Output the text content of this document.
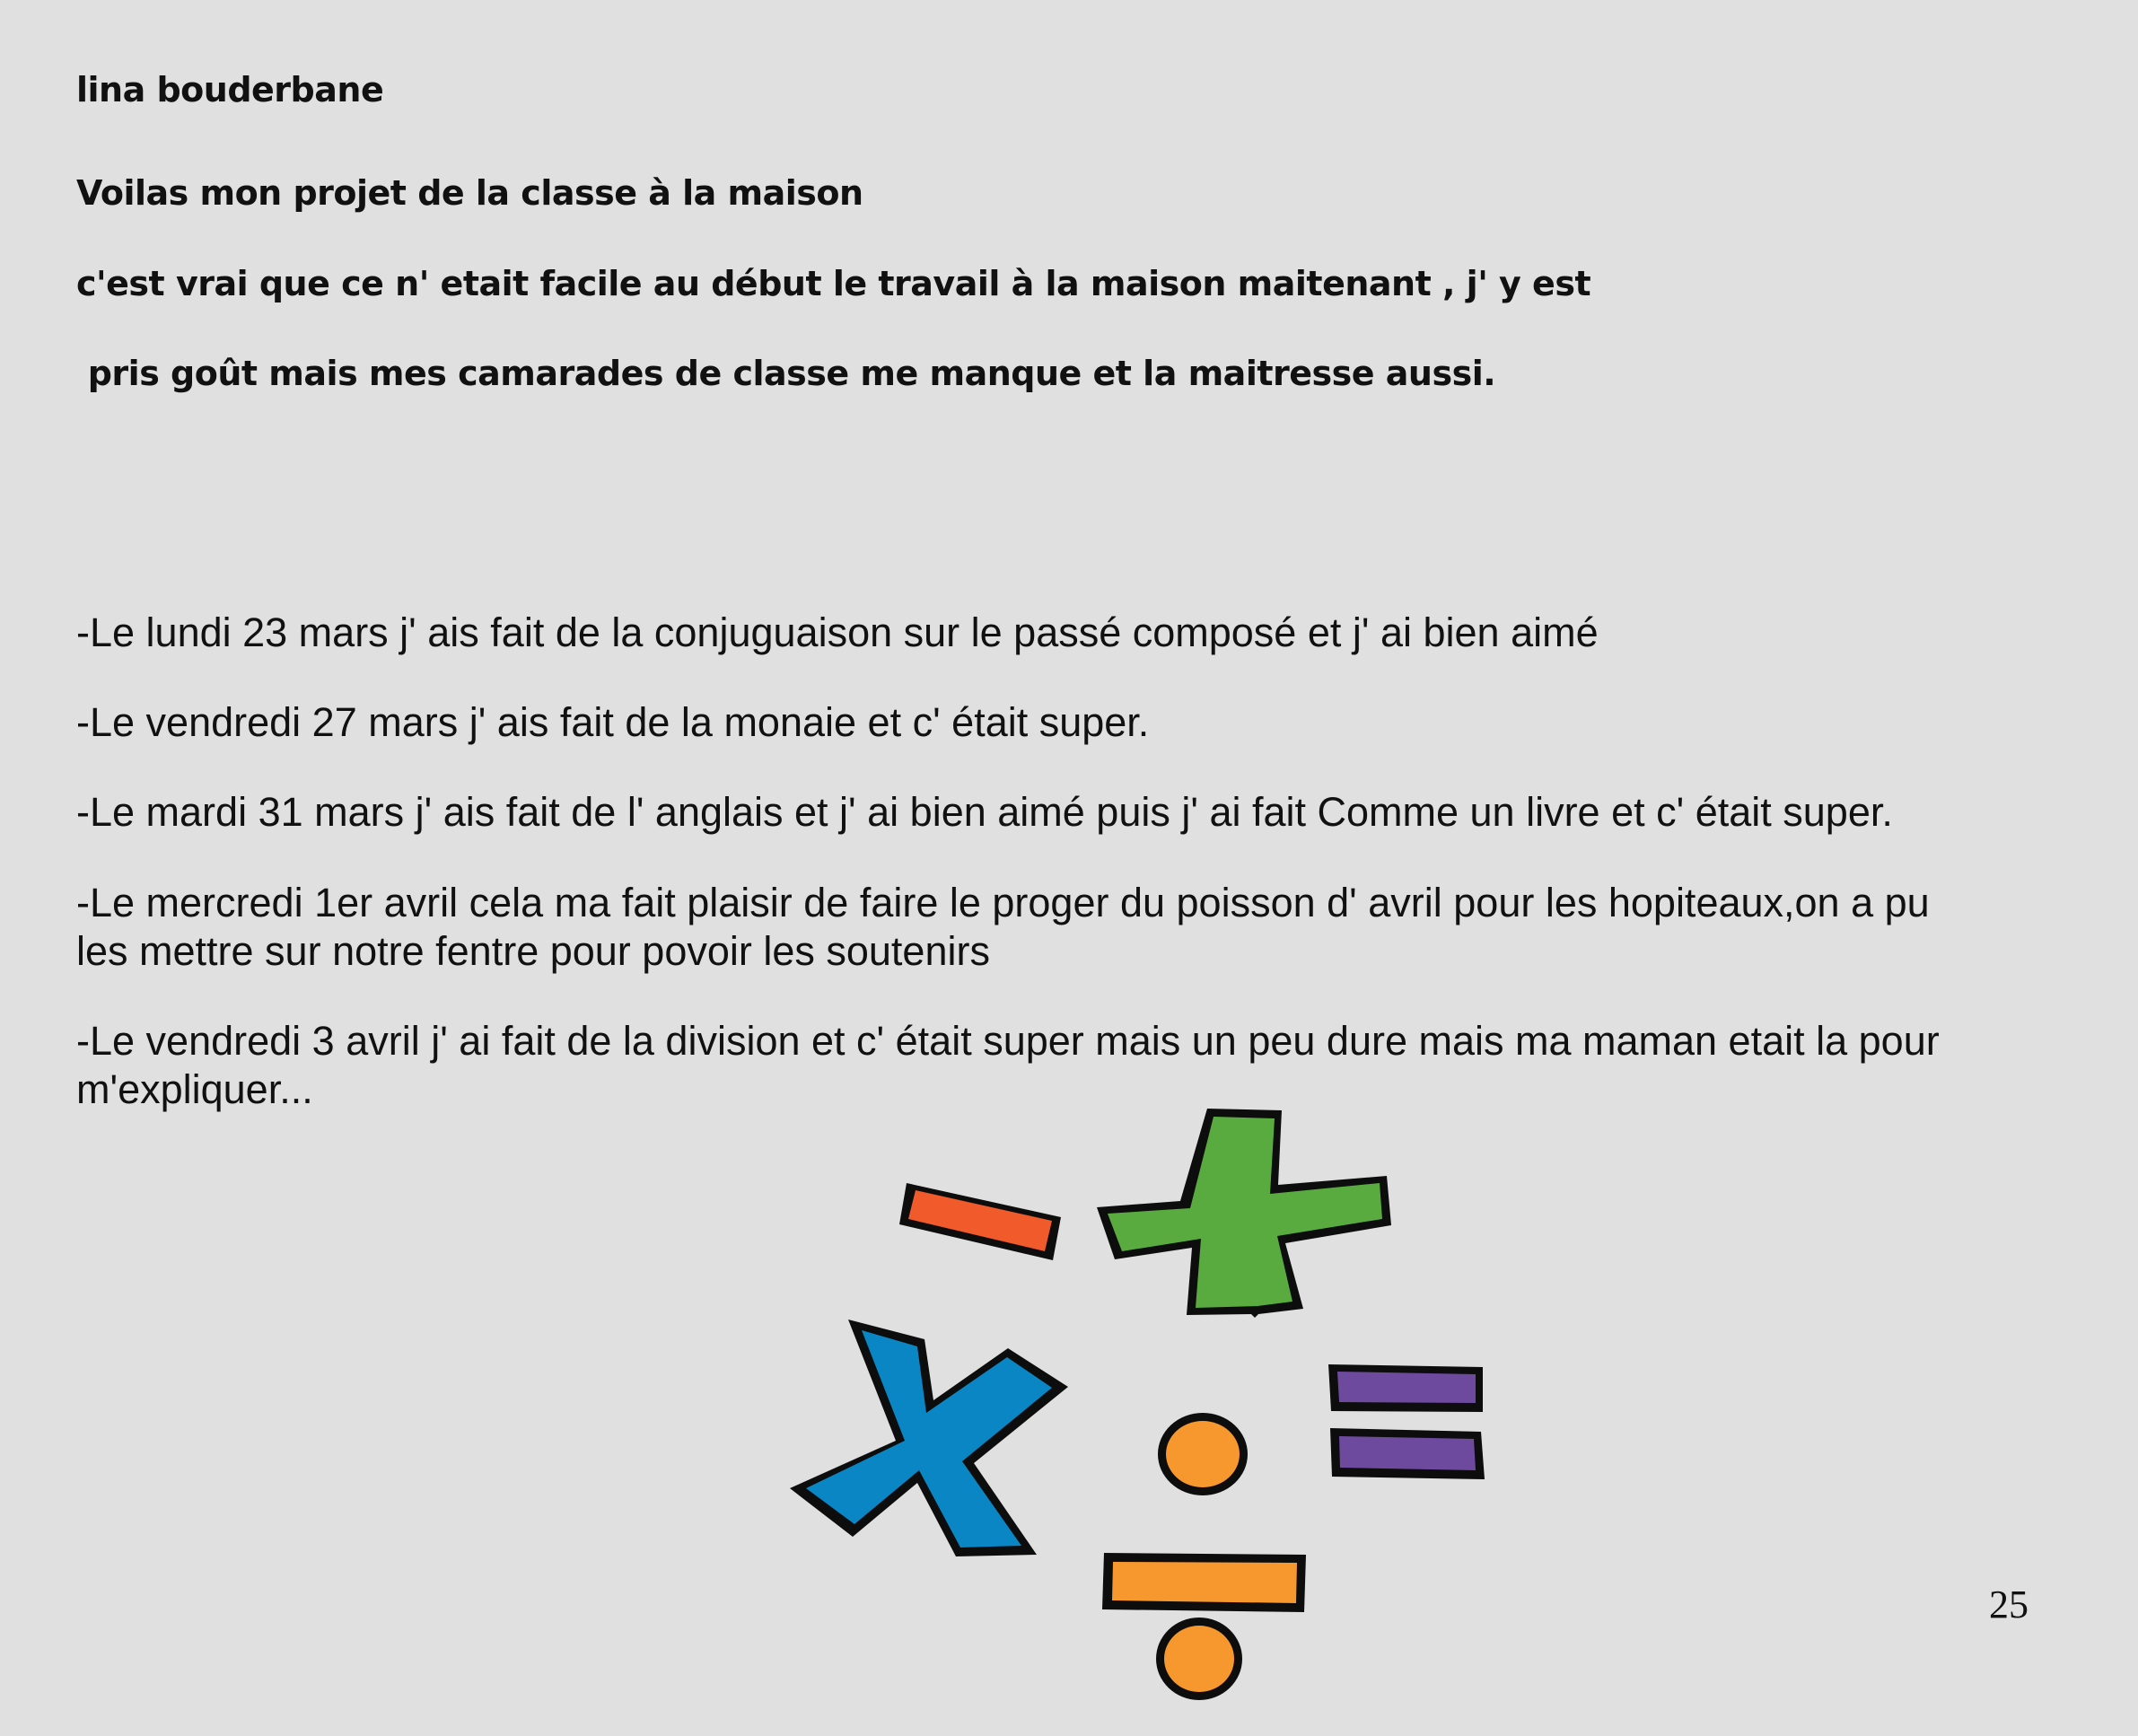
lina bouderbane

Voilas mon projet de la classe à la maison

c'est vrai que ce n' etait facile au début le travail à la maison maitenant , j' y est

pris goût mais mes camarades de classe me manque et la maitresse aussi.

-Le lundi 23 mars j' ais fait de la conjuguaison sur le passé composé et j' ai bien aimé

-Le vendredi 27 mars j' ais fait de la monaie et c' était super.

-Le mardi 31 mars j' ais fait de l' anglais et j' ai bien aimé puis j' ai fait Comme un livre et c' était super.

-Le mercredi 1er avril cela ma fait plaisir de faire le proger du poisson d' avril pour les hopiteaux,on a pu les mettre sur notre fentre pour povoir les soutenirs

-Le vendredi 3 avril j' ai fait de la division et c' était super mais un peu dure mais ma maman etait la pour m'expliquer...

25
